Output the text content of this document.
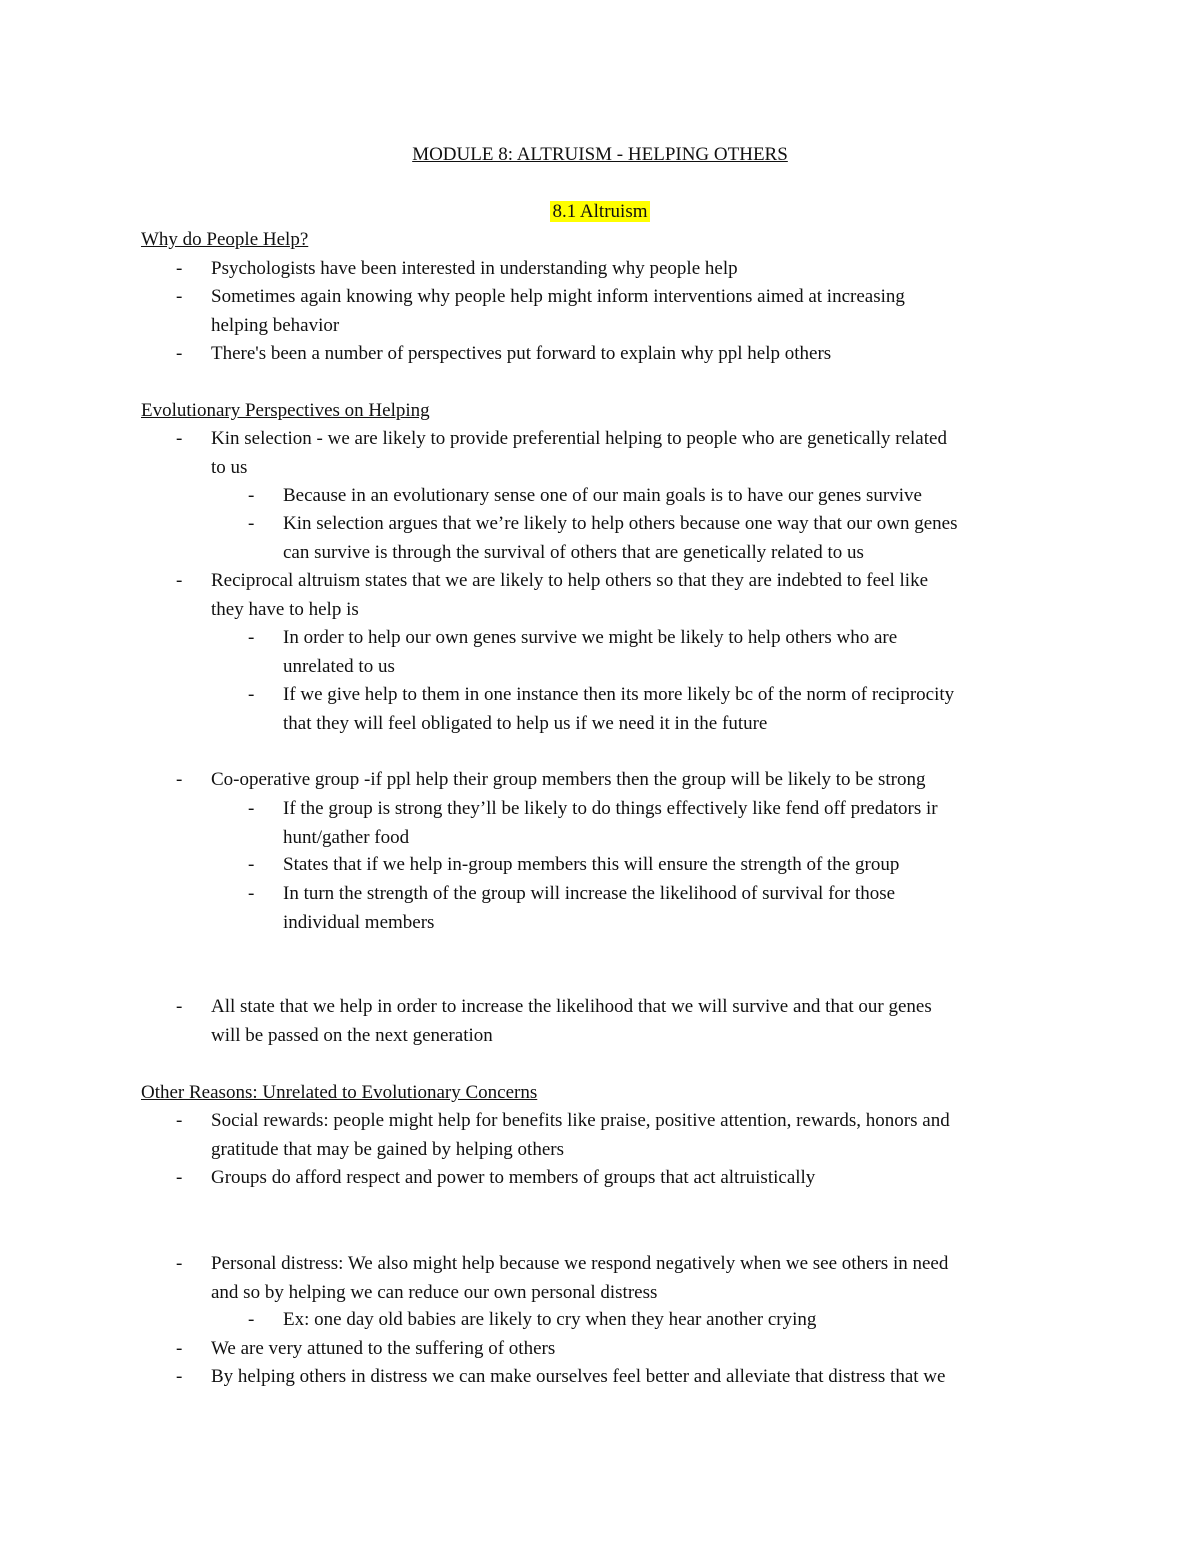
MODULE 8: ALTRUISM - HELPING OTHERS
8.1 Altruism
Why do People Help?
- Psychologists have been interested in understanding why people help
- Sometimes again knowing why people help might inform interventions aimed at increasing
helping behavior
- There's been a number of perspectives put forward to explain why ppl help others
Evolutionary Perspectives on Helping
- Kin selection - we are likely to provide preferential helping to people who are genetically related
to us
- Because in an evolutionary sense one of our main goals is to have our genes survive
- Kin selection argues that we’re likely to help others because one way that our own genes
can survive is through the survival of others that are genetically related to us
- Reciprocal altruism states that we are likely to help others so that they are indebted to feel like
they have to help is
- In order to help our own genes survive we might be likely to help others who are
unrelated to us
- If we give help to them in one instance then its more likely bc of the norm of reciprocity
that they will feel obligated to help us if we need it in the future
- Co-operative group -if ppl help their group members then the group will be likely to be strong
- If the group is strong they’ll be likely to do things effectively like fend off predators ir
hunt/gather food
- States that if we help in-group members this will ensure the strength of the group
- In turn the strength of the group will increase the likelihood of survival for those
individual members
- All state that we help in order to increase the likelihood that we will survive and that our genes
will be passed on the next generation
Other Reasons: Unrelated to Evolutionary Concerns
- Social rewards: people might help for benefits like praise, positive attention, rewards, honors and
gratitude that may be gained by helping others
- Groups do afford respect and power to members of groups that act altruistically
- Personal distress: We also might help because we respond negatively when we see others in need
and so by helping we can reduce our own personal distress
- Ex: one day old babies are likely to cry when they hear another crying
- We are very attuned to the suffering of others
- By helping others in distress we can make ourselves feel better and alleviate that distress that we
